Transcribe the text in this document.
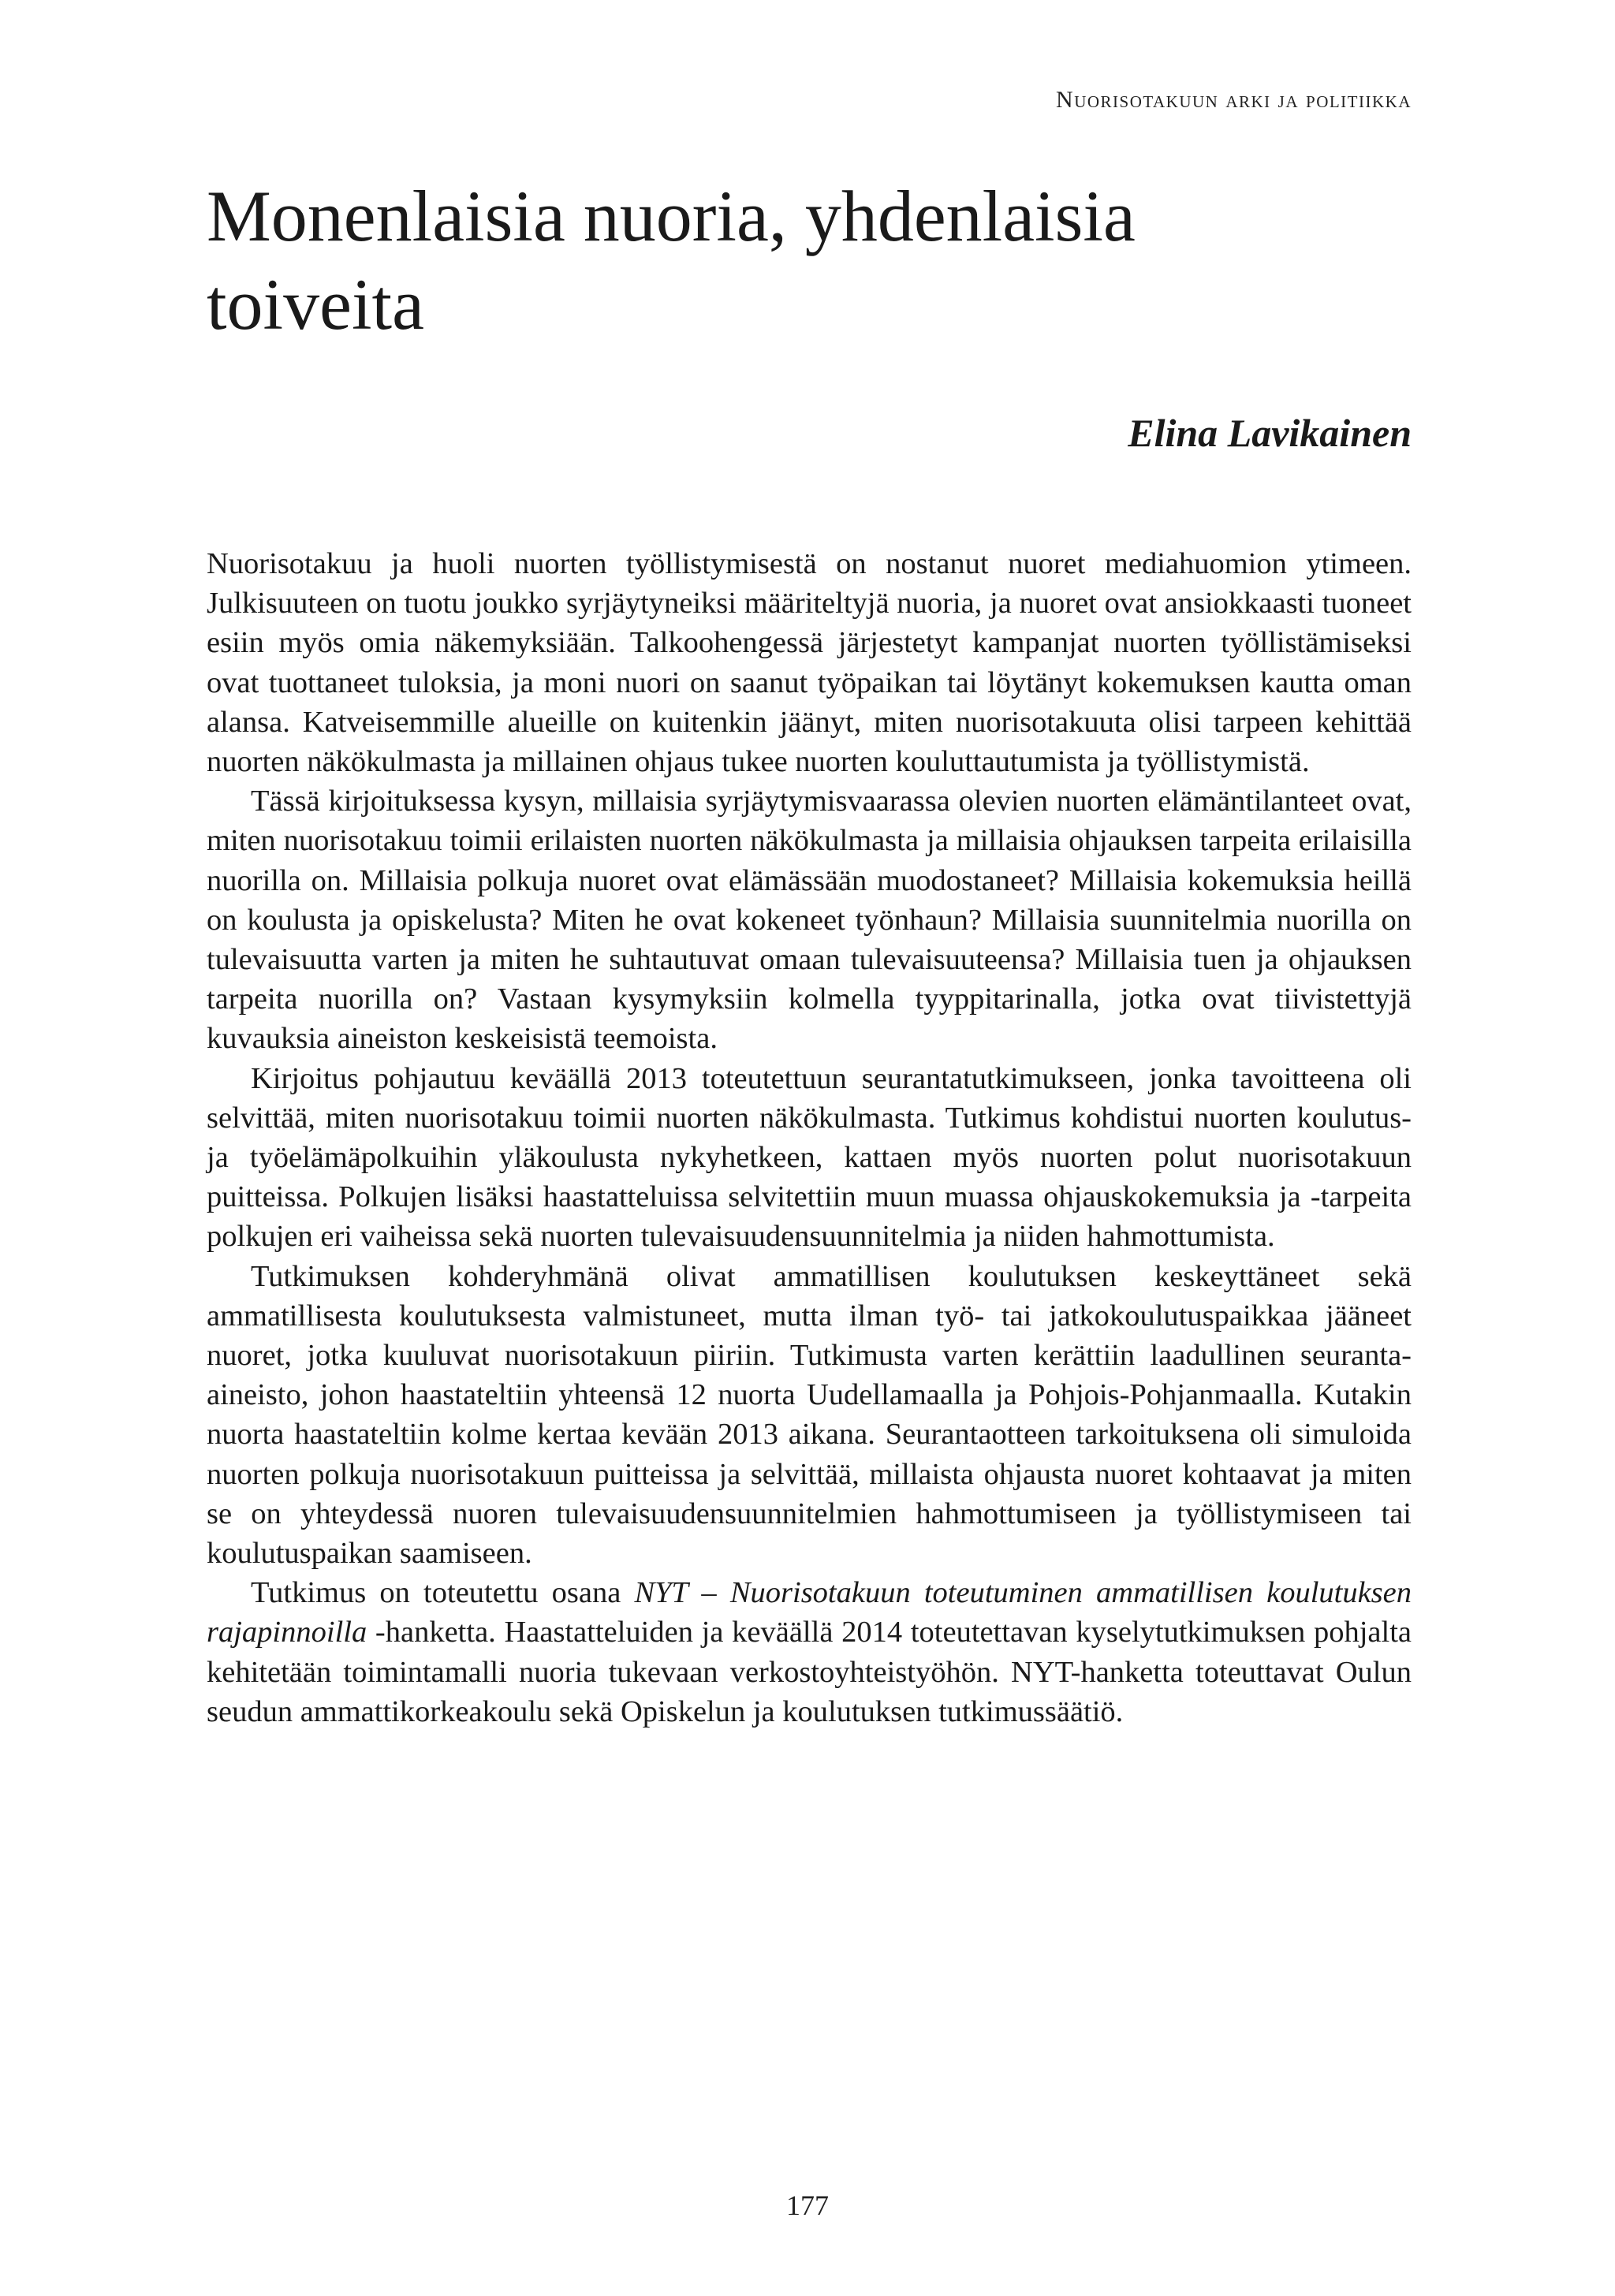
Nuorisotakuun arki ja politiikka

Monenlaisia nuoria, yhdenlaisia toiveita

Elina Lavikainen

Nuorisotakuu ja huoli nuorten työllistymisestä on nostanut nuoret mediahuomion ytimeen. Julkisuuteen on tuotu joukko syrjäytyneiksi määriteltyjä nuoria, ja nuoret ovat ansiokkaasti tuoneet esiin myös omia näkemyksiään. Talkoohengessä järjestetyt kampanjat nuorten työllistämiseksi ovat tuottaneet tuloksia, ja moni nuori on saanut työpaikan tai löytänyt kokemuksen kautta oman alansa. Katveisemmille alueille on kuitenkin jäänyt, miten nuorisotakuuta olisi tarpeen kehittää nuorten näkökulmasta ja millainen ohjaus tukee nuorten kouluttautumista ja työllistymistä.

Tässä kirjoituksessa kysyn, millaisia syrjäytymisvaarassa olevien nuorten elämäntilanteet ovat, miten nuorisotakuu toimii erilaisten nuorten näkökulmasta ja millaisia ohjauksen tarpeita erilaisilla nuorilla on. Millaisia polkuja nuoret ovat elämässään muodostaneet? Millaisia kokemuksia heillä on koulusta ja opiskelusta? Miten he ovat kokeneet työnhaun? Millaisia suunnitelmia nuorilla on tulevaisuutta varten ja miten he suhtautuvat omaan tulevaisuuteensa? Millaisia tuen ja ohjauksen tarpeita nuorilla on? Vastaan kysymyksiin kolmella tyyppitarinalla, jotka ovat tiivistettyjä kuvauksia aineiston keskeisistä teemoista.

Kirjoitus pohjautuu keväällä 2013 toteutettuun seurantatutkimukseen, jonka tavoitteena oli selvittää, miten nuorisotakuu toimii nuorten näkökulmasta. Tutkimus kohdistui nuorten koulutus- ja työelämäpolkuihin yläkoulusta nykyhetkeen, kattaen myös nuorten polut nuorisotakuun puitteissa. Polkujen lisäksi haastatteluissa selvitettiin muun muassa ohjauskokemuksia ja -tarpeita polkujen eri vaiheissa sekä nuorten tulevaisuudensuunnitelmia ja niiden hahmottumista.

Tutkimuksen kohderyhmänä olivat ammatillisen koulutuksen keskeyttäneet sekä ammatillisesta koulutuksesta valmistuneet, mutta ilman työ- tai jatkokoulutuspaikkaa jääneet nuoret, jotka kuuluvat nuorisotakuun piiriin. Tutkimusta varten kerättiin laadullinen seuranta-aineisto, johon haastateltiin yhteensä 12 nuorta Uudellamaalla ja Pohjois-Pohjanmaalla. Kutakin nuorta haastateltiin kolme kertaa kevään 2013 aikana. Seurantaotteen tarkoituksena oli simuloida nuorten polkuja nuorisotakuun puitteissa ja selvittää, millaista ohjausta nuoret kohtaavat ja miten se on yhteydessä nuoren tulevaisuudensuunnitelmien hahmottumiseen ja työllistymiseen tai koulutuspaikan saamiseen.

Tutkimus on toteutettu osana NYT – Nuorisotakuun toteutuminen ammatillisen koulutuksen rajapinnoilla -hanketta. Haastatteluiden ja keväällä 2014 toteutettavan kyselytutkimuksen pohjalta kehitetään toimintamalli nuoria tukevaan verkostoyhteistyöhön. NYT-hanketta toteuttavat Oulun seudun ammattikorkeakoulu sekä Opiskelun ja koulutuksen tutkimussäätiö.

177
